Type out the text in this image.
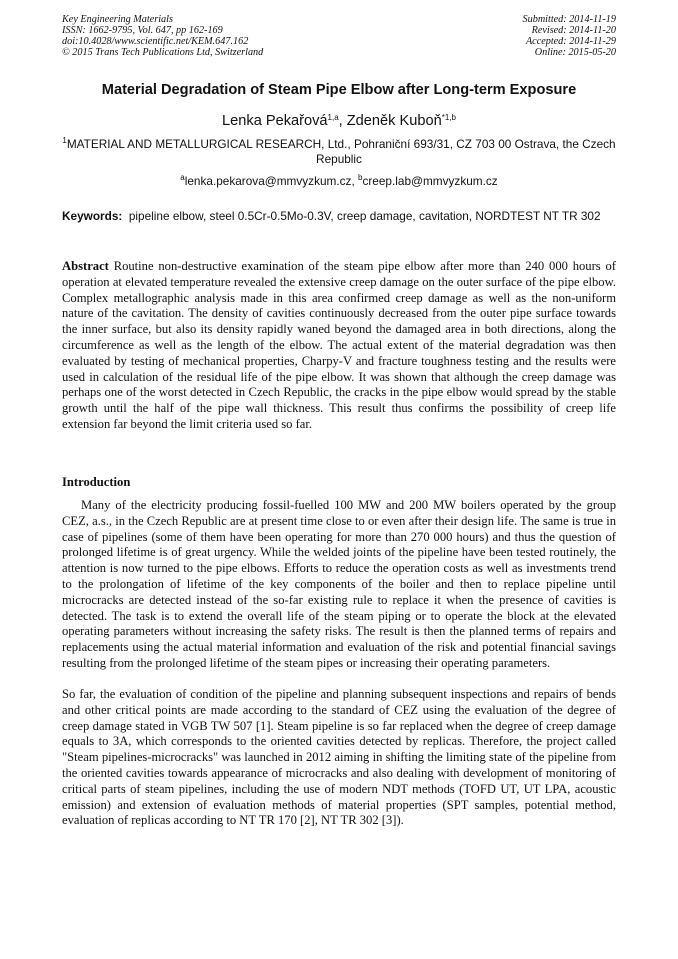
Key Engineering Materials
ISSN: 1662-9795, Vol. 647, pp 162-169
doi:10.4028/www.scientific.net/KEM.647.162
© 2015 Trans Tech Publications Ltd, Switzerland
Submitted: 2014-11-19
Revised: 2014-11-20
Accepted: 2014-11-29
Online: 2015-05-20
Material Degradation of Steam Pipe Elbow after Long-term Exposure
Lenka Pekařová$^{1,a}$, Zdeněk Kuboň$^{*1,b}$
$^1$MATERIAL AND METALLURGICAL RESEARCH, Ltd., Pohraniční 693/31, CZ 703 00 Ostrava, the Czech Republic
$^a$lenka.pekarova@mmvyzkum.cz, $^b$creep.lab@mmvyzkum.cz
Keywords: pipeline elbow, steel 0.5Cr-0.5Mo-0.3V, creep damage, cavitation, NORDTEST NT TR 302
Abstract Routine non-destructive examination of the steam pipe elbow after more than 240 000 hours of operation at elevated temperature revealed the extensive creep damage on the outer surface of the pipe elbow. Complex metallographic analysis made in this area confirmed creep damage as well as the non-uniform nature of the cavitation. The density of cavities continuously decreased from the outer pipe surface towards the inner surface, but also its density rapidly waned beyond the damaged area in both directions, along the circumference as well as the length of the elbow. The actual extent of the material degradation was then evaluated by testing of mechanical properties, Charpy-V and fracture toughness testing and the results were used in calculation of the residual life of the pipe elbow. It was shown that although the creep damage was perhaps one of the worst detected in Czech Republic, the cracks in the pipe elbow would spread by the stable growth until the half of the pipe wall thickness. This result thus confirms the possibility of creep life extension far beyond the limit criteria used so far.
Introduction
Many of the electricity producing fossil-fuelled 100 MW and 200 MW boilers operated by the group CEZ, a.s., in the Czech Republic are at present time close to or even after their design life. The same is true in case of pipelines (some of them have been operating for more than 270 000 hours) and thus the question of prolonged lifetime is of great urgency. While the welded joints of the pipeline have been tested routinely, the attention is now turned to the pipe elbows. Efforts to reduce the operation costs as well as investments trend to the prolongation of lifetime of the key components of the boiler and then to replace pipeline until microcracks are detected instead of the so-far existing rule to replace it when the presence of cavities is detected. The task is to extend the overall life of the steam piping or to operate the block at the elevated operating parameters without increasing the safety risks. The result is then the planned terms of repairs and replacements using the actual material information and evaluation of the risk and potential financial savings resulting from the prolonged lifetime of the steam pipes or increasing their operating parameters.
So far, the evaluation of condition of the pipeline and planning subsequent inspections and repairs of bends and other critical points are made according to the standard of CEZ using the evaluation of the degree of creep damage stated in VGB TW 507 [1]. Steam pipeline is so far replaced when the degree of creep damage equals to 3A, which corresponds to the oriented cavities detected by replicas. Therefore, the project called "Steam pipelines-microcracks" was launched in 2012 aiming in shifting the limiting state of the pipeline from the oriented cavities towards appearance of microcracks and also dealing with development of monitoring of critical parts of steam pipelines, including the use of modern NDT methods (TOFD UT, UT LPA, acoustic emission) and extension of evaluation methods of material properties (SPT samples, potential method, evaluation of replicas according to NT TR 170 [2], NT TR 302 [3]).
